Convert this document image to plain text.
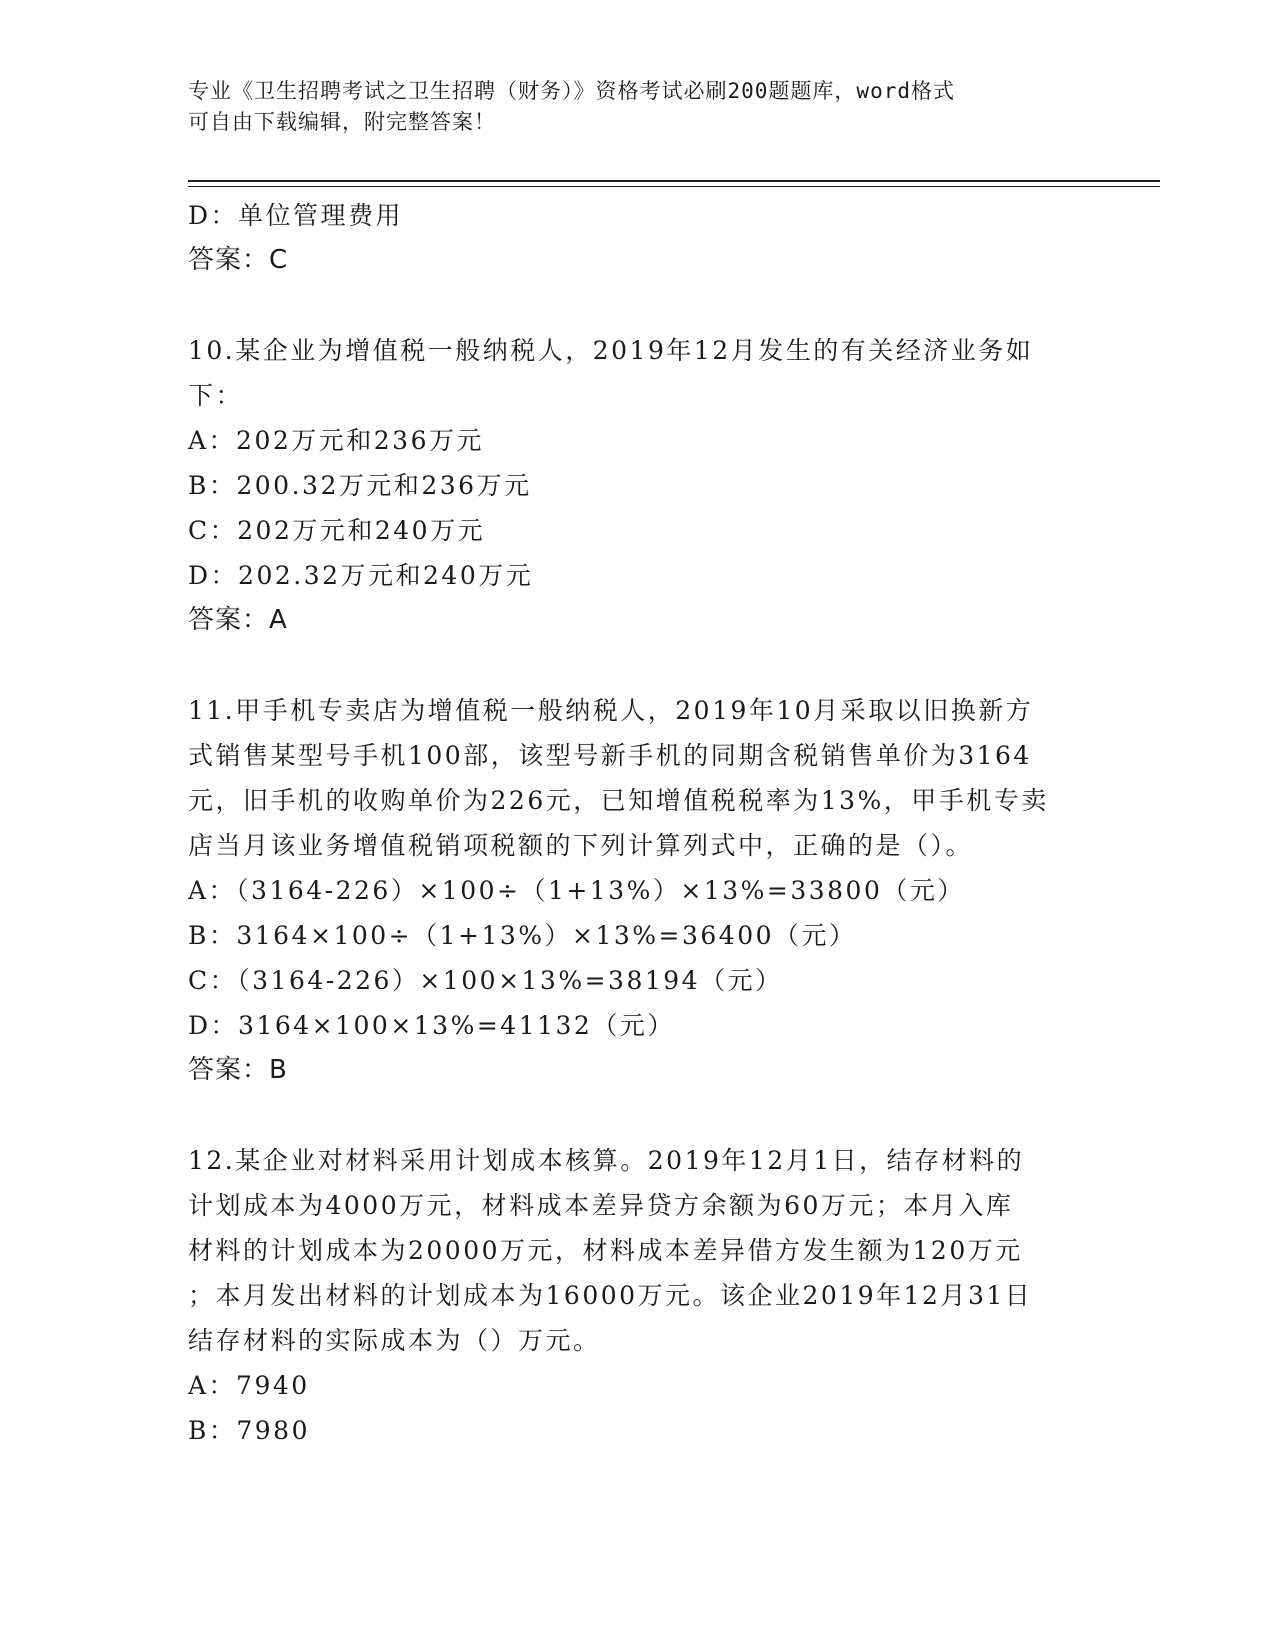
专业《卫生招聘考试之卫生招聘（财务）》资格考试必刷200题题库，word格式
可自由下载编辑，附完整答案！
D：单位管理费用
答案：C
10.某企业为增值税一般纳税人，2019年12月发生的有关经济业务如
下：
A：202万元和236万元
B：200.32万元和236万元
C：202万元和240万元
D：202.32万元和240万元
答案：A
11.甲手机专卖店为增值税一般纳税人，2019年10月采取以旧换新方
式销售某型号手机100部，该型号新手机的同期含税销售单价为3164
元，旧手机的收购单价为226元，已知增值税税率为13%，甲手机专卖
店当月该业务增值税销项税额的下列计算列式中，正确的是（）。
A：（3164-226）×100÷（1+13%）×13%=33800（元）
B：3164×100÷（1+13%）×13%=36400（元）
C：（3164-226）×100×13%=38194（元）
D：3164×100×13%=41132（元）
答案：B
12.某企业对材料采用计划成本核算。2019年12月1日，结存材料的
计划成本为4000万元，材料成本差异贷方余额为60万元；本月入库
材料的计划成本为20000万元，材料成本差异借方发生额为120万元
；本月发出材料的计划成本为16000万元。该企业2019年12月31日
结存材料的实际成本为（）万元。
A：7940
B：7980
